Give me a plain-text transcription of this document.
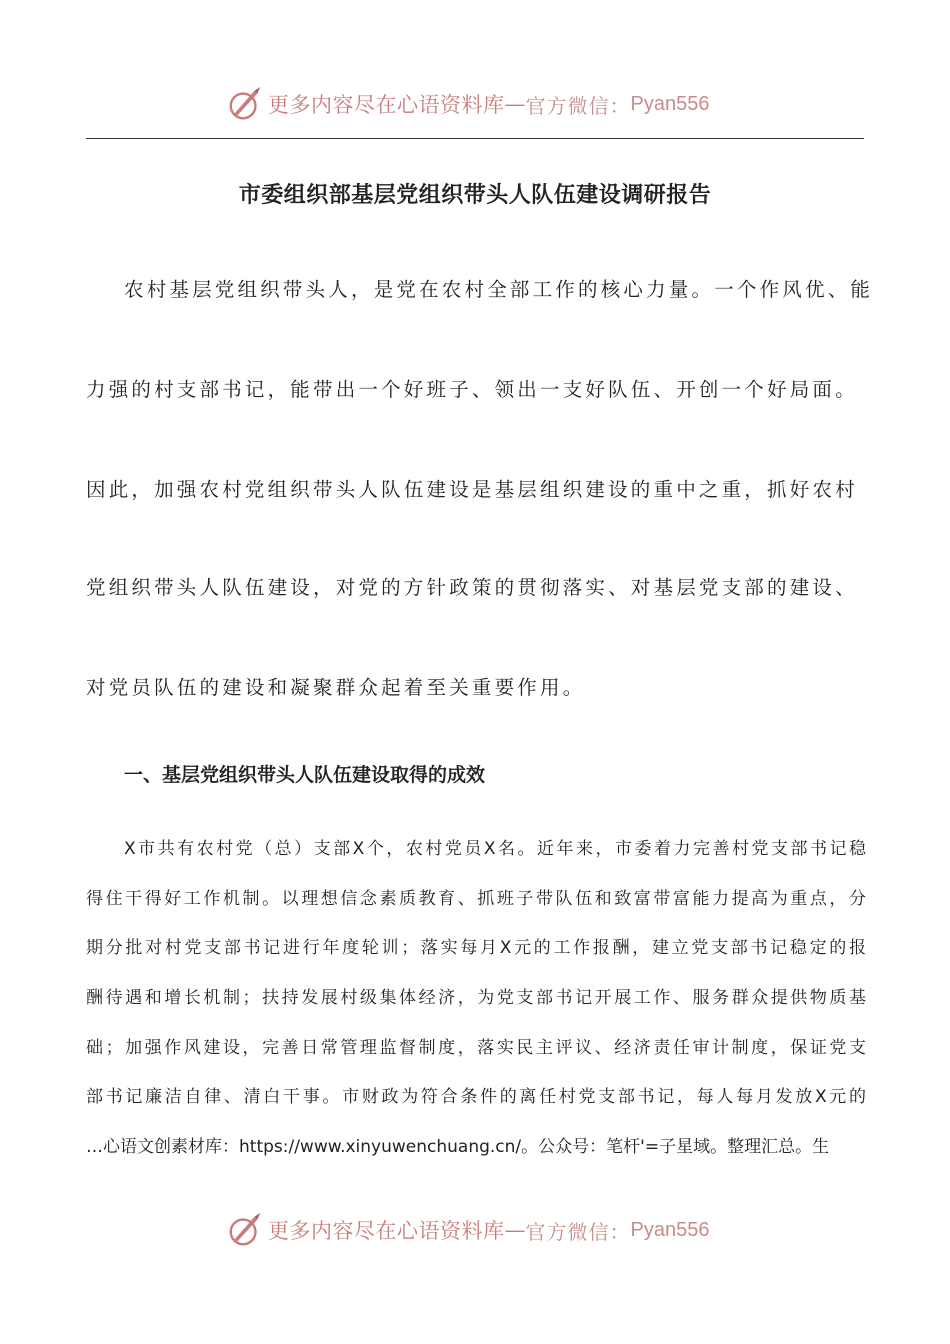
更多内容尽在心语资料库 — 官方微信： Pyan556
市委组织部基层党组织带头人队伍建设调研报告
农村基层党组织带头人，是党在农村全部工作的核心力量。一个作风优、能
力强的村支部书记，能带出一个好班子、领出一支好队伍、开创一个好局面。
因此，加强农村党组织带头人队伍建设是基层组织建设的重中之重，抓好农村
党组织带头人队伍建设，对党的方针政策的贯彻落实、对基层党支部的建设、
对党员队伍的建设和凝聚群众起着至关重要作用。
一、基层党组织带头人队伍建设取得的成效
X市共有农村党（总）支部X个，农村党员X名。近年来，市委着力完善村党支部书记稳
得住干得好工作机制。以理想信念素质教育、抓班子带队伍和致富带富能力提高为重点，分
期分批对村党支部书记进行年度轮训；落实每月X元的工作报酬，建立党支部书记稳定的报
酬待遇和增长机制；扶持发展村级集体经济，为党支部书记开展工作、服务群众提供物质基
础；加强作风建设，完善日常管理监督制度，落实民主评议、经济责任审计制度，保证党支
部书记廉洁自律、清白干事。市财政为符合条件的离任村党支部书记，每人每月发放X元的
…心语文创素材库：https://www.xinyuwenchuang.cn/。公众号：笔杆'=子星域。整理汇总。生
更多内容尽在心语资料库 — 官方微信： Pyan556
